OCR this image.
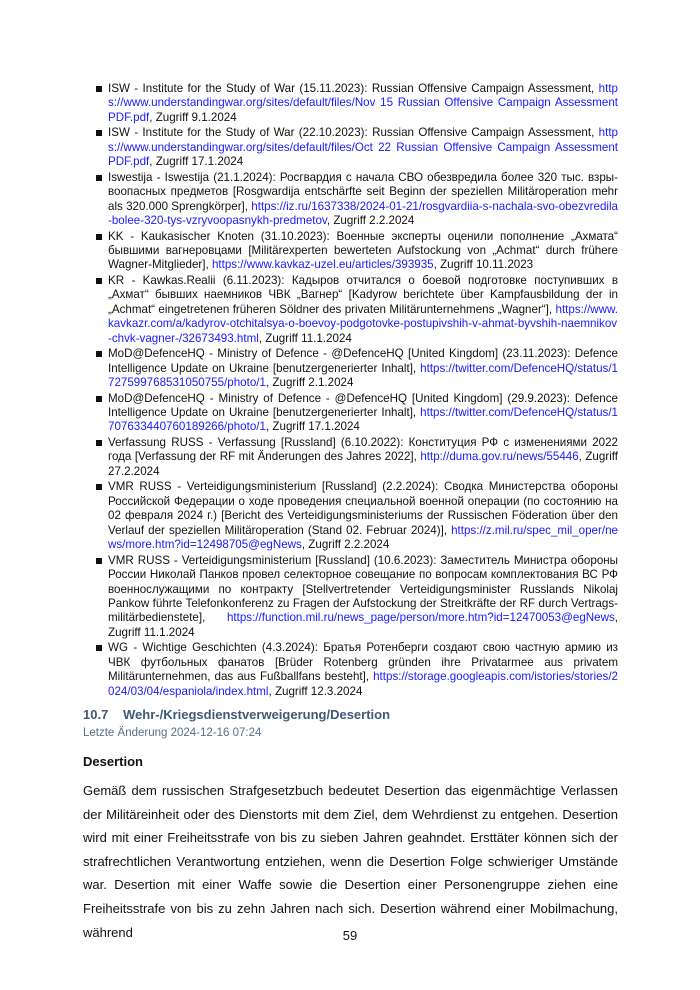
ISW - Institute for the Study of War (15.11.2023): Russian Offensive Campaign Assessment, https://www.understandingwar.org/sites/default/files/Nov 15 Russian Offensive Campaign Assessment PDF.pdf, Zugriff 9.1.2024
ISW - Institute for the Study of War (22.10.2023): Russian Offensive Campaign Assessment, https://www.understandingwar.org/sites/default/files/Oct 22 Russian Offensive Campaign Assessment PDF.pdf, Zugriff 17.1.2024
Iswestija - Iswestija (21.1.2024): Росгвардия с начала СВО обезвредила более 320 тыс. взрывоопасных предметов [Rosgwardija entschärfte seit Beginn der speziellen Militäroperation mehr als 320.000 Sprengkörper], https://iz.ru/1637338/2024-01-21/rosgvardiia-s-nachala-svo-obezvredila-bolee-320-tys-vzryvoopasnykh-predmetov, Zugriff 2.2.2024
KK - Kaukasischer Knoten (31.10.2023): Военные эксперты оценили пополнение „Ахмата“ бывшими вагнеровцами [Militärexperten bewerteten Aufstockung von „Achmat“ durch frühere Wagner-Mitglieder], https://www.kavkaz-uzel.eu/articles/393935, Zugriff 10.11.2023
KR - Kawkas.Realii (6.11.2023): Кадыров отчитался о боевой подготовке поступивших в „Ахмат“ бывших наемников ЧВК „Вагнер“ [Kadyrow berichtete über Kampfausbildung der in „Achmat“ eingetretenen früheren Söldner des privaten Militärunternehmens „Wagner“], https://www.kavkazr.com/a/kadyrov-otchitalsya-o-boevoy-podgotovke-postupivshih-v-ahmat-byvshih-naemnikov-chvk-vagner-/32673493.html, Zugriff 11.1.2024
MoD@DefenceHQ - Ministry of Defence - @DefenceHQ [United Kingdom] (23.11.2023): Defence Intelligence Update on Ukraine [benutzergenerierter Inhalt], https://twitter.com/DefenceHQ/status/1727599768531050755/photo/1, Zugriff 2.1.2024
MoD@DefenceHQ - Ministry of Defence - @DefenceHQ [United Kingdom] (29.9.2023): Defence Intelligence Update on Ukraine [benutzergenerierter Inhalt], https://twitter.com/DefenceHQ/status/1707633440760189266/photo/1, Zugriff 17.1.2024
Verfassung RUSS - Verfassung [Russland] (6.10.2022): Конституция РФ с изменениями 2022 года [Verfassung der RF mit Änderungen des Jahres 2022], http://duma.gov.ru/news/55446, Zugriff 27.2.2024
VMR RUSS - Verteidigungsministerium [Russland] (2.2.2024): Сводка Министерства обороны Российской Федерации о ходе проведения специальной военной операции (по состоянию на 02 февраля 2024 г.) [Bericht des Verteidigungsministeriums der Russischen Föderation über den Verlauf der speziellen Militäroperation (Stand 02. Februar 2024)], https://z.mil.ru/spec_mil_oper/news/more.htm?id=12498705@egNews, Zugriff 2.2.2024
VMR RUSS - Verteidigungsministerium [Russland] (10.6.2023): Заместитель Министра обороны России Николай Панков провел селекторное совещание по вопросам комплектования ВС РФ военнослужащими по контракту [Stellvertretender Verteidigungsminister Russlands Nikolaj Pankow führte Telefonkonferenz zu Fragen der Aufstockung der Streitkräfte der RF durch Vertragsmilitärbedienstete], https://function.mil.ru/news_page/person/more.htm?id=12470053@egNews, Zugriff 11.1.2024
WG - Wichtige Geschichten (4.3.2024): Братья Ротенберги создают свою частную армию из ЧВК футбольных фанатов [Brüder Rotenberg gründen ihre Privatarmee aus privatem Militärunternehmen, das aus Fußballfans besteht], https://storage.googleapis.com/istories/stories/2024/03/04/espaniola/index.html, Zugriff 12.3.2024
10.7 Wehr-/Kriegsdienstverweigerung/Desertion
Letzte Änderung 2024-12-16 07:24
Desertion

Gemäß dem russischen Strafgesetzbuch bedeutet Desertion das eigenmächtige Verlassen der Militäreinheit oder des Dienstorts mit dem Ziel, dem Wehrdienst zu entgehen. Desertion wird mit einer Freiheitsstrafe von bis zu sieben Jahren geahndet. Ersttäter können sich der strafrechtlichen Verantwortung entziehen, wenn die Desertion Folge schwieriger Umstände war. Desertion mit einer Waffe sowie die Desertion einer Personengruppe ziehen eine Freiheitsstrafe von bis zu zehn Jahren nach sich. Desertion während einer Mobilmachung, während	59
